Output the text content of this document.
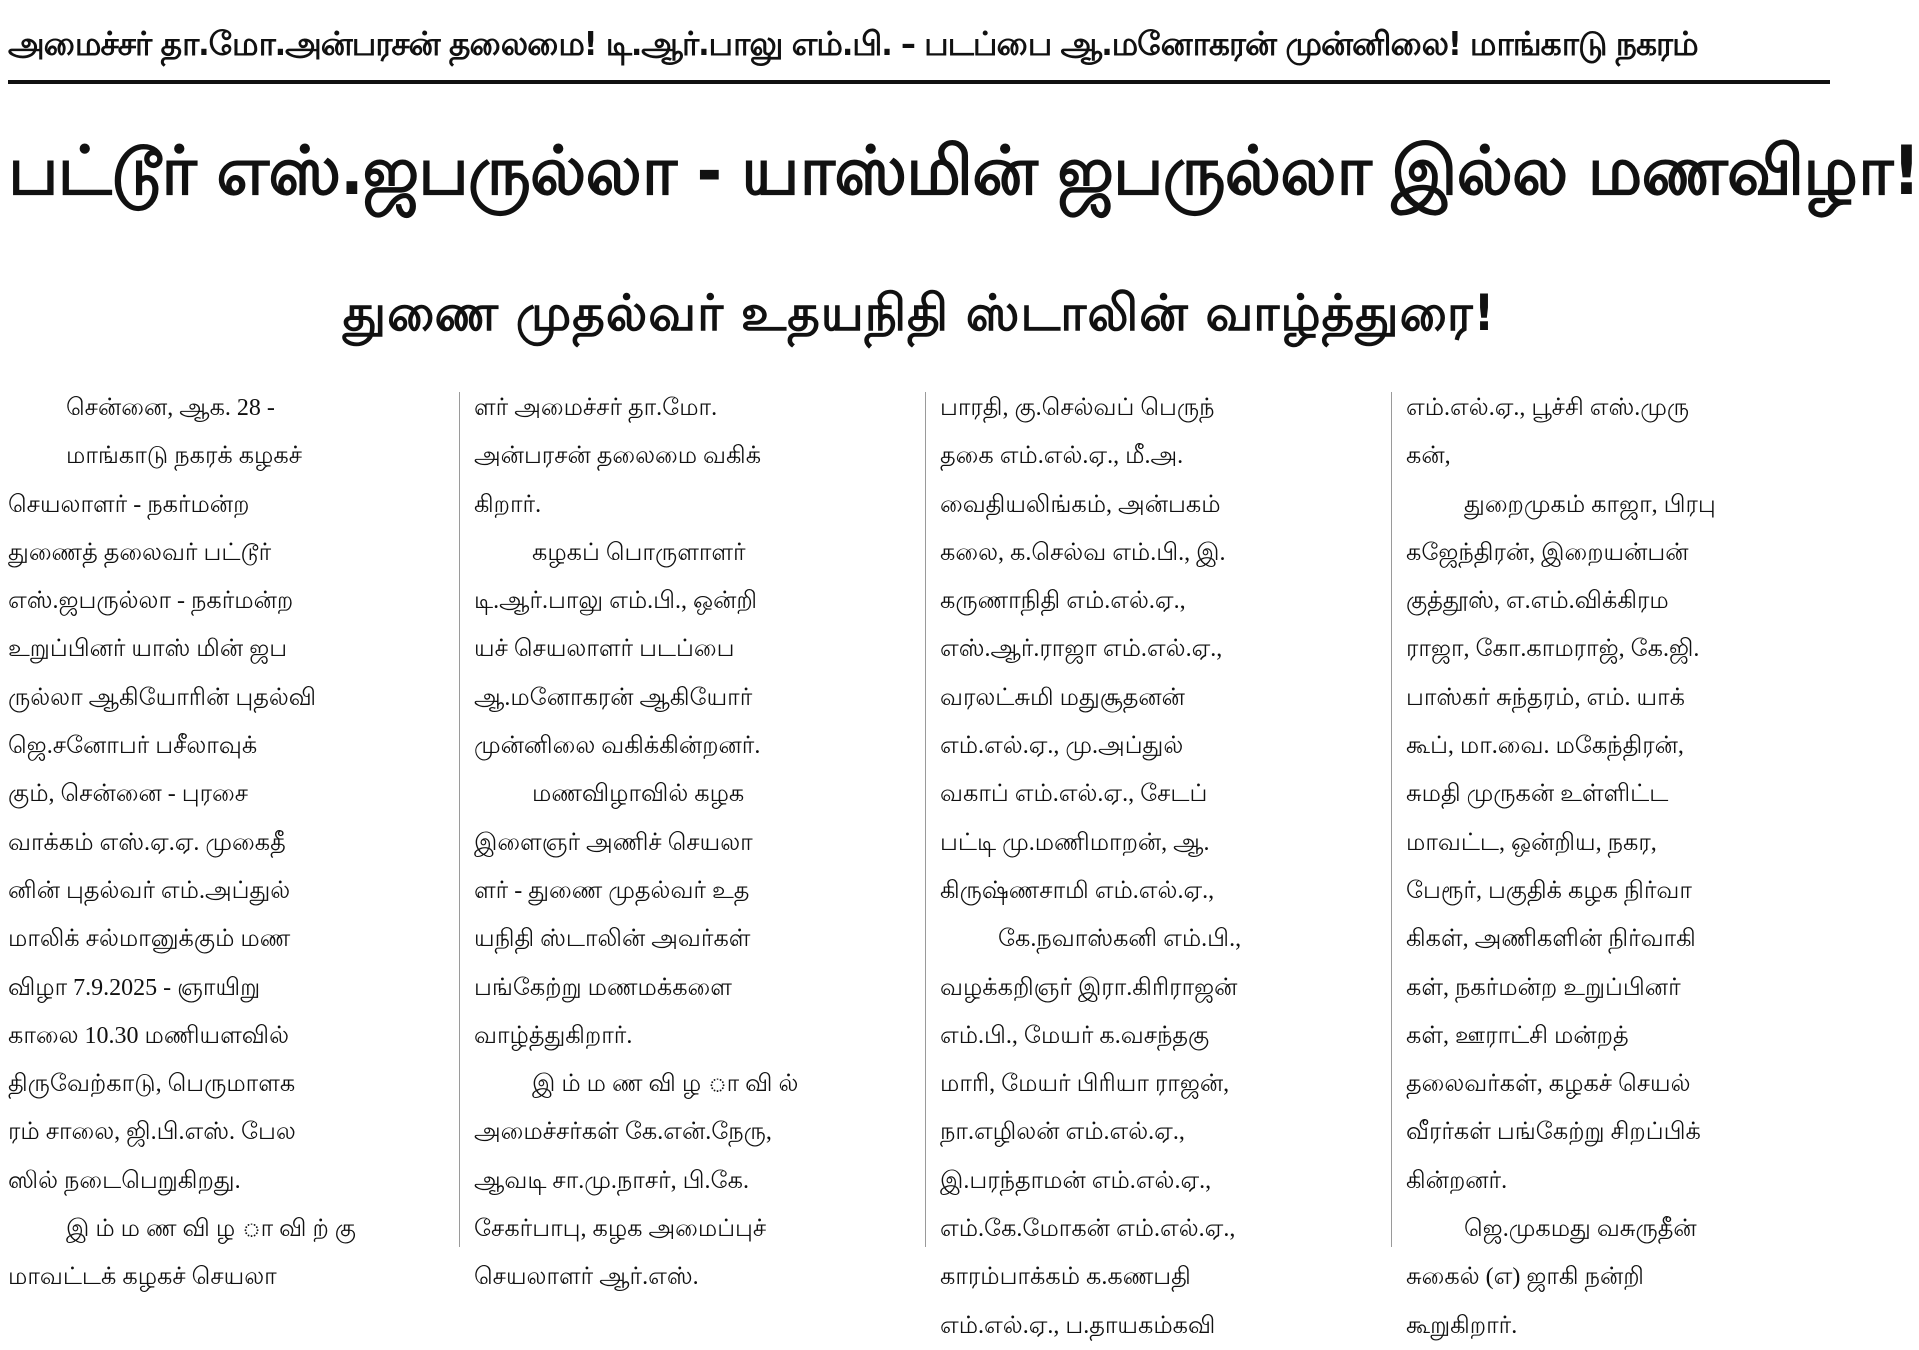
அமைச்சர் தா.மோ.அன்பரசன் தலைமை! டி.ஆர்.பாலு எம்.பி. – படப்பை ஆ.மனோகரன் முன்னிலை! மாங்காடு நகரம்
பட்டூர் எஸ்.ஜபருல்லா - யாஸ்மின் ஜபருல்லா இல்ல மணவிழா!
துணை முதல்வர் உதயநிதி ஸ்டாலின் வாழ்த்துரை!
சென்னை, ஆக. 28 -
மாங்காடு நகரக் கழகச்
செயலாளர் - நகர்மன்ற
துணைத் தலைவர் பட்டூர்
எஸ்.ஜபருல்லா - நகர்மன்ற
உறுப்பினர் யாஸ் மின் ஜப
ருல்லா ஆகியோரின் புதல்வி
ஜெ.சனோபர் பசீலாவுக்
கும், சென்னை - புரசை
வாக்கம் எஸ்.ஏ.ஏ. முகைதீ
னின் புதல்வர் எம்.அப்துல்
மாலிக் சல்மானுக்கும் மண
விழா 7.9.2025 - ஞாயிறு
காலை 10.30 மணியளவில்
திருவேற்காடு, பெருமாளக
ரம் சாலை, ஜி.பி.எஸ். பேல
ஸில் நடைபெறுகிறது.
இ ம் ம ண வி ழ ா வி ற் கு
மாவட்டக் கழகச் செயலா
ளர் அமைச்சர் தா.மோ.
அன்பரசன் தலைமை வகிக்
கிறார்.
கழகப் பொருளாளர்
டி.ஆர்.பாலு எம்.பி., ஒன்றி
யச் செயலாளர் படப்பை
ஆ.மனோகரன் ஆகியோர்
முன்னிலை வகிக்கின்றனர்.
மணவிழாவில் கழக
இளைஞர் அணிச் செயலா
ளர் - துணை முதல்வர் உத
யநிதி ஸ்டாலின் அவர்கள்
பங்கேற்று மணமக்களை
வாழ்த்துகிறார்.
இ ம் ம ண வி ழ ா வி ல்
அமைச்சர்கள் கே.என்.நேரு,
ஆவடி சா.மு.நாசர், பி.கே.
சேகர்பாபு, கழக அமைப்புச்
செயலாளர் ஆர்.எஸ்.
பாரதி, கு.செல்வப் பெருந்
தகை எம்.எல்.ஏ., மீ.அ.
வைதியலிங்கம், அன்பகம்
கலை, க.செல்வ எம்.பி., இ.
கருணாநிதி எம்.எல்.ஏ.,
எஸ்.ஆர்.ராஜா எம்.எல்.ஏ.,
வரலட்சுமி மதுசூதனன்
எம்.எல்.ஏ., மு.அப்துல்
வகாப் எம்.எல்.ஏ., சேடப்
பட்டி மு.மணிமாறன், ஆ.
கிருஷ்ணசாமி எம்.எல்.ஏ.,
கே.நவாஸ்கனி எம்.பி.,
வழக்கறிஞர் இரா.கிரிராஜன்
எம்.பி., மேயர் க.வசந்தகு
மாரி, மேயர் பிரியா ராஜன்,
நா.எழிலன் எம்.எல்.ஏ.,
இ.பரந்தாமன் எம்.எல்.ஏ.,
எம்.கே.மோகன் எம்.எல்.ஏ.,
காரம்பாக்கம் க.கணபதி
எம்.எல்.ஏ., ப.தாயகம்கவி
எம்.எல்.ஏ., பூச்சி எஸ்.முரு
கன்,
துறைமுகம் காஜா, பிரபு
கஜேந்திரன், இறையன்பன்
குத்தூஸ், எ.எம்.விக்கிரம
ராஜா, கோ.காமராஜ், கே.ஜி.
பாஸ்கர் சுந்தரம், எம். யாக்
கூப், மா.வை. மகேந்திரன்,
சுமதி முருகன் உள்ளிட்ட
மாவட்ட, ஒன்றிய, நகர,
பேரூர், பகுதிக் கழக நிர்வா
கிகள், அணிகளின் நிர்வாகி
கள், நகர்மன்ற உறுப்பினர்
கள், ஊராட்சி மன்றத்
தலைவர்கள், கழகச் செயல்
வீரர்கள் பங்கேற்று சிறப்பிக்
கின்றனர்.
ஜெ.முகமது வசுருதீன்
சுகைல் (எ) ஜாகி நன்றி
கூறுகிறார்.
